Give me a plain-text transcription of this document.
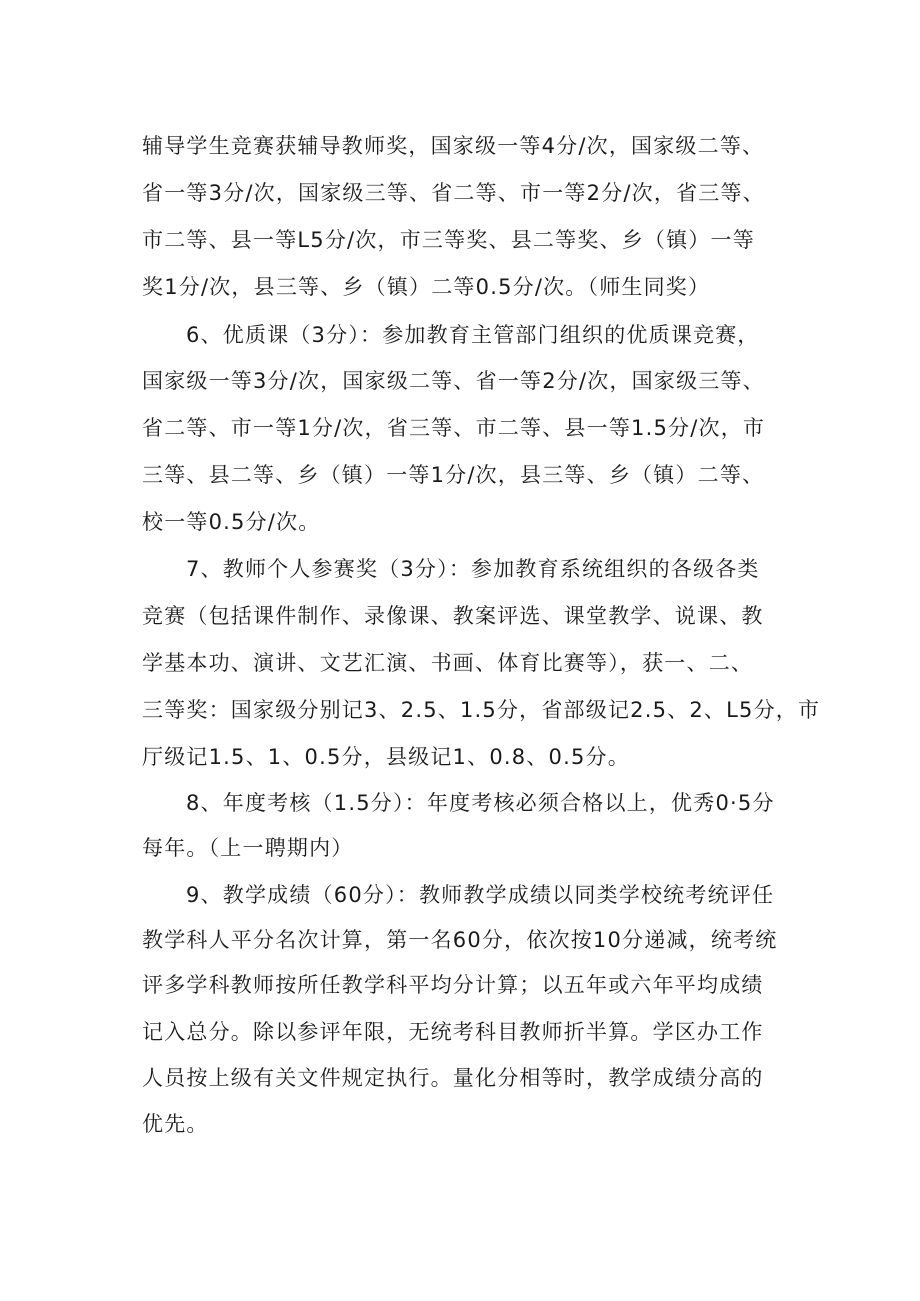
辅导学生竞赛获辅导教师奖，国家级一等4分/次，国家级二等、
省一等3分/次，国家级三等、省二等、市一等2分/次，省三等、
市二等、县一等L5分/次，市三等奖、县二等奖、乡（镇）一等
奖1分/次，县三等、乡（镇）二等0.5分/次。（师生同奖）
6、优质课（3分）：参加教育主管部门组织的优质课竞赛，
国家级一等3分/次，国家级二等、省一等2分/次，国家级三等、
省二等、市一等1分/次，省三等、市二等、县一等1.5分/次，市
三等、县二等、乡（镇）一等1分/次，县三等、乡（镇）二等、
校一等0.5分/次。
7、教师个人参赛奖（3分）：参加教育系统组织的各级各类
竞赛（包括课件制作、录像课、教案评选、课堂教学、说课、教
学基本功、演讲、文艺汇演、书画、体育比赛等），获一、二、
三等奖：国家级分别记3、2.5、1.5分，省部级记2.5、2、L5分，市
厅级记1.5、1、0.5分，县级记1、0.8、0.5分。
8、年度考核（1.5分）：年度考核必须合格以上，优秀0·5分
每年。（上一聘期内）
9、教学成绩（60分）：教师教学成绩以同类学校统考统评任
教学科人平分名次计算，第一名60分，依次按10分递减，统考统
评多学科教师按所任教学科平均分计算；以五年或六年平均成绩
记入总分。除以参评年限，无统考科目教师折半算。学区办工作
人员按上级有关文件规定执行。量化分相等时，教学成绩分高的
优先。
